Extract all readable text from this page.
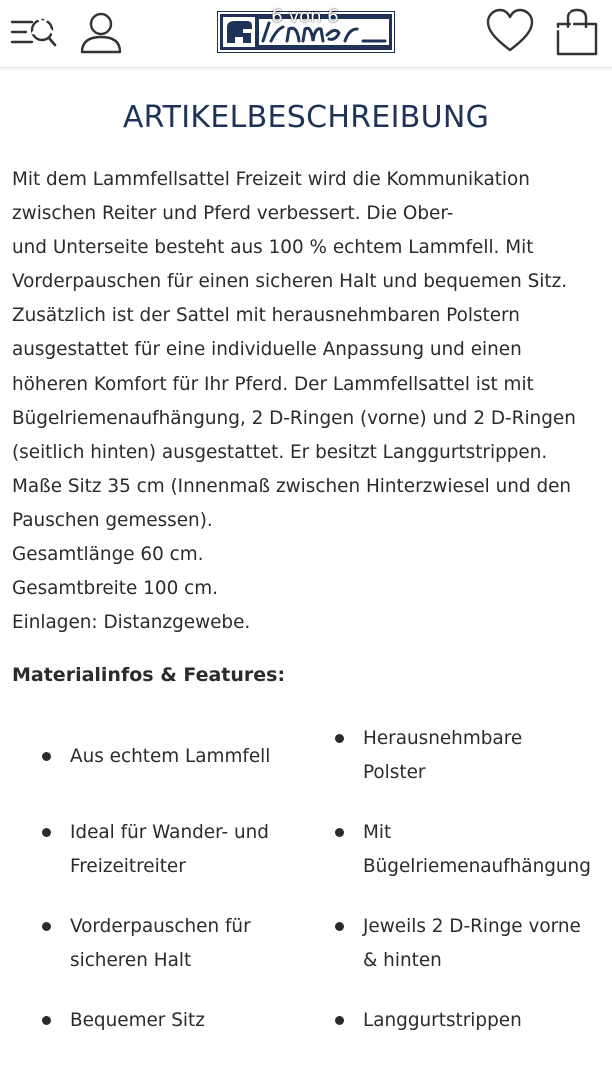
6 von 6
ARTIKELBESCHREIBUNG
Mit dem Lammfellsattel Freizeit wird die Kommunikation
zwischen Reiter und Pferd verbessert. Die Ober-
und Unterseite besteht aus 100 % echtem Lammfell. Mit
Vorderpauschen für einen sicheren Halt und bequemen Sitz.
Zusätzlich ist der Sattel mit herausnehmbaren Polstern
ausgestattet für eine individuelle Anpassung und einen
höheren Komfort für Ihr Pferd. Der Lammfellsattel ist mit
Bügelriemenaufhängung, 2 D-Ringen (vorne) und 2 D-Ringen
(seitlich hinten) ausgestattet. Er besitzt Langgurtstrippen.
Maße Sitz 35 cm (Innenmaß zwischen Hinterzwiesel und den
Pauschen gemessen).
Gesamtlänge 60 cm.
Gesamtbreite 100 cm.
Einlagen: Distanzgewebe.
Materialinfos & Features:
Aus echtem Lammfell
Ideal für Wander- und
Freizeitreiter
Vorderpauschen für
sicheren Halt
Bequemer Sitz
Herausnehmbare
Polster
Mit
Bügelriemenaufhängung
Jeweils 2 D-Ringe vorne
& hinten
Langgurtstrippen
